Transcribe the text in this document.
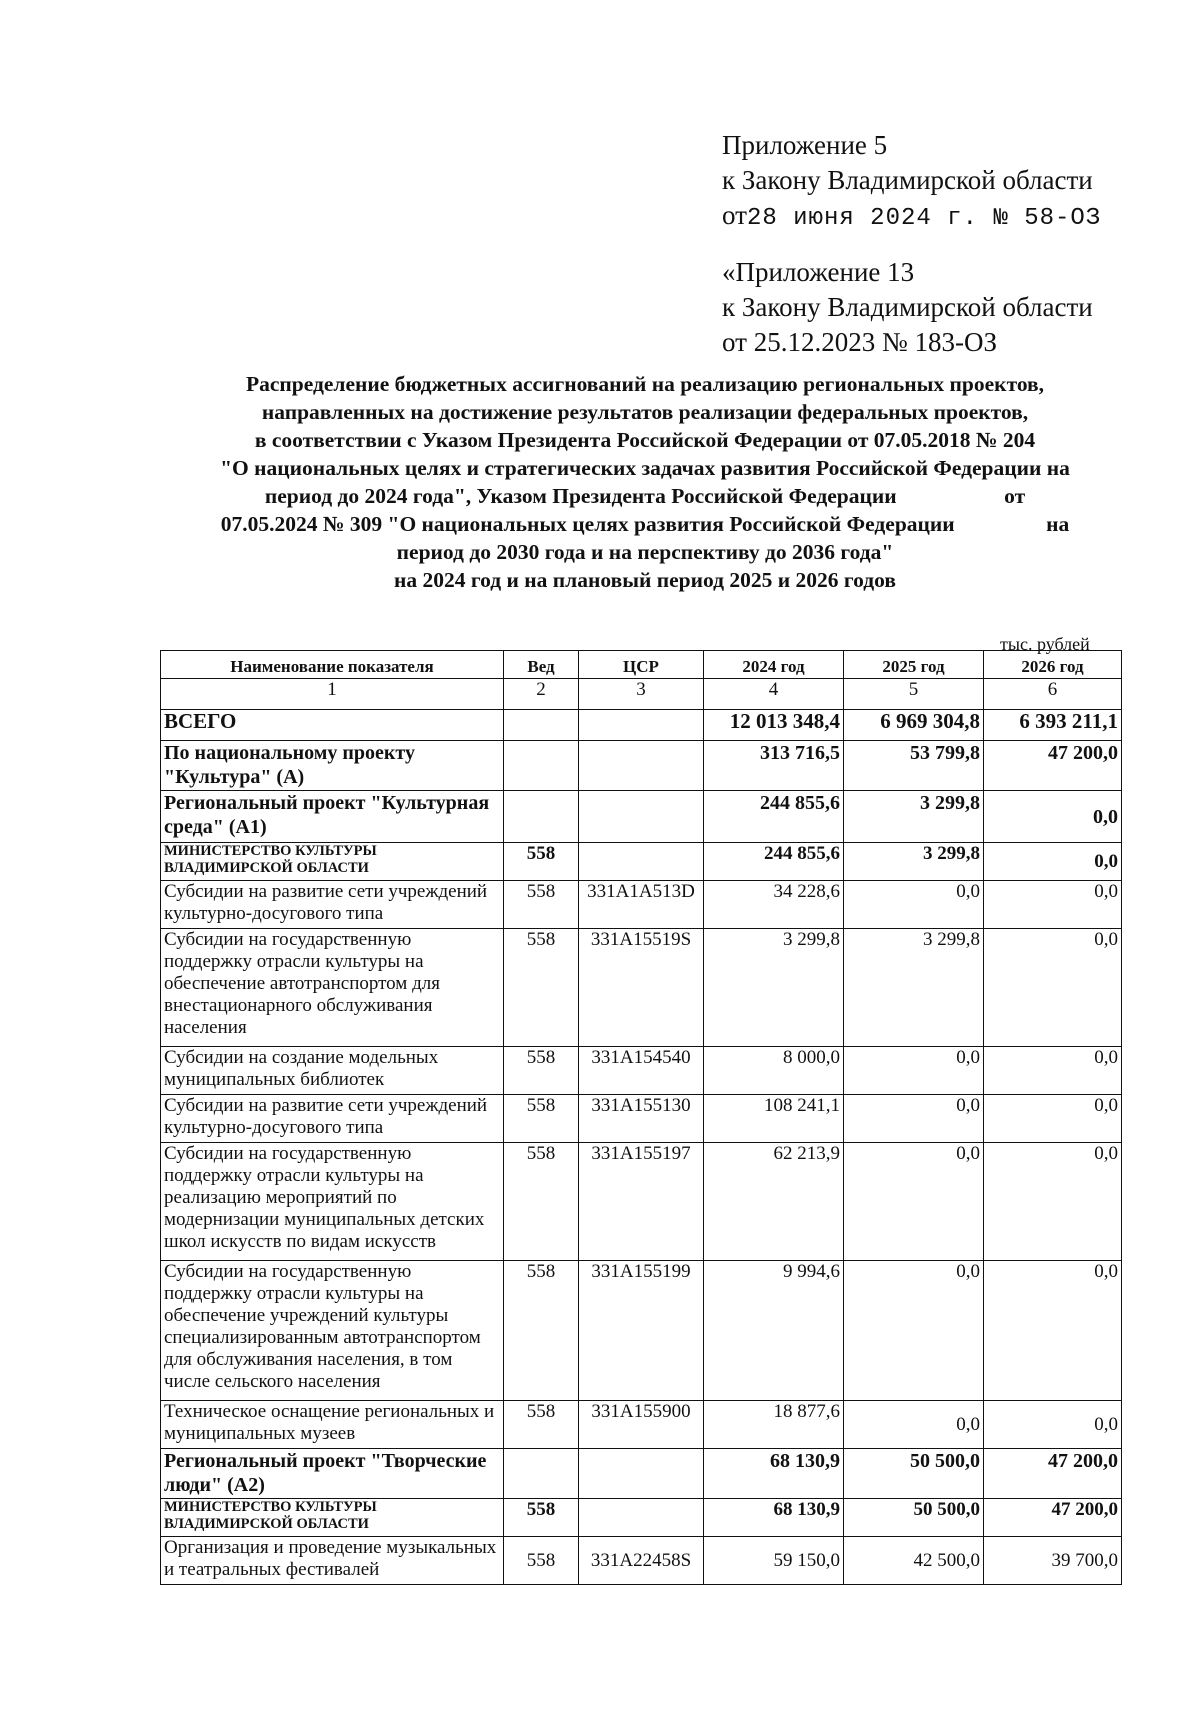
Приложение 5
к Закону Владимирской области
от28 июня 2024 г. № 58-ОЗ
«Приложение 13
к Закону Владимирской области
от 25.12.2023 № 183-ОЗ
Распределение бюджетных ассигнований на реализацию региональных проектов,
направленных на достижение результатов реализации федеральных проектов,
в соответствии с Указом Президента Российской Федерации от 07.05.2018 № 204
"О национальных целях и стратегических задачах развития Российской Федерации на
период до 2024 года", Указом Президента Российской Федерации                    от
07.05.2024 № 309 "О национальных целях развития Российской Федерации                 на
период до 2030 года и на перспективу до 2036 года"
на 2024 год и на плановый период 2025 и 2026 годов
тыс. рублей
Наименование показателя	Вед	ЦСР	2024 год	2025 год	2026 год
1	2	3	4	5	6
ВСЕГО			12 013 348,4	6 969 304,8	6 393 211,1
По национальному проекту "Культура" (А)			313 716,5	53 799,8	47 200,0
Региональный проект "Культурная среда" (А1)			244 855,6	3 299,8	0,0
МИНИСТЕРСТВО КУЛЬТУРЫ ВЛАДИМИРСКОЙ ОБЛАСТИ	558		244 855,6	3 299,8	0,0
Субсидии на развитие сети учреждений культурно-досугового типа	558	331А1А513D	34 228,6	0,0	0,0
Субсидии на государственную поддержку отрасли культуры на обеспечение автотранспортом для внестационарного обслуживания населения	558	331А15519S	3 299,8	3 299,8	0,0
Субсидии на создание модельных муниципальных библиотек	558	331А154540	8 000,0	0,0	0,0
Субсидии на развитие сети учреждений культурно-досугового типа	558	331А155130	108 241,1	0,0	0,0
Субсидии на государственную поддержку отрасли культуры на реализацию мероприятий по модернизации муниципальных детских школ искусств по видам искусств	558	331А155197	62 213,9	0,0	0,0
Субсидии на государственную поддержку отрасли культуры на обеспечение учреждений культуры специализированным автотранспортом для обслуживания населения, в том числе сельского населения	558	331А155199	9 994,6	0,0	0,0
Техническое оснащение региональных и муниципальных музеев	558	331А155900	18 877,6	0,0	0,0
Региональный проект "Творческие люди" (А2)			68 130,9	50 500,0	47 200,0
МИНИСТЕРСТВО КУЛЬТУРЫ ВЛАДИМИРСКОЙ ОБЛАСТИ	558		68 130,9	50 500,0	47 200,0
Организация и проведение музыкальных и театральных фестивалей	558	331А22458S	59 150,0	42 500,0	39 700,0
